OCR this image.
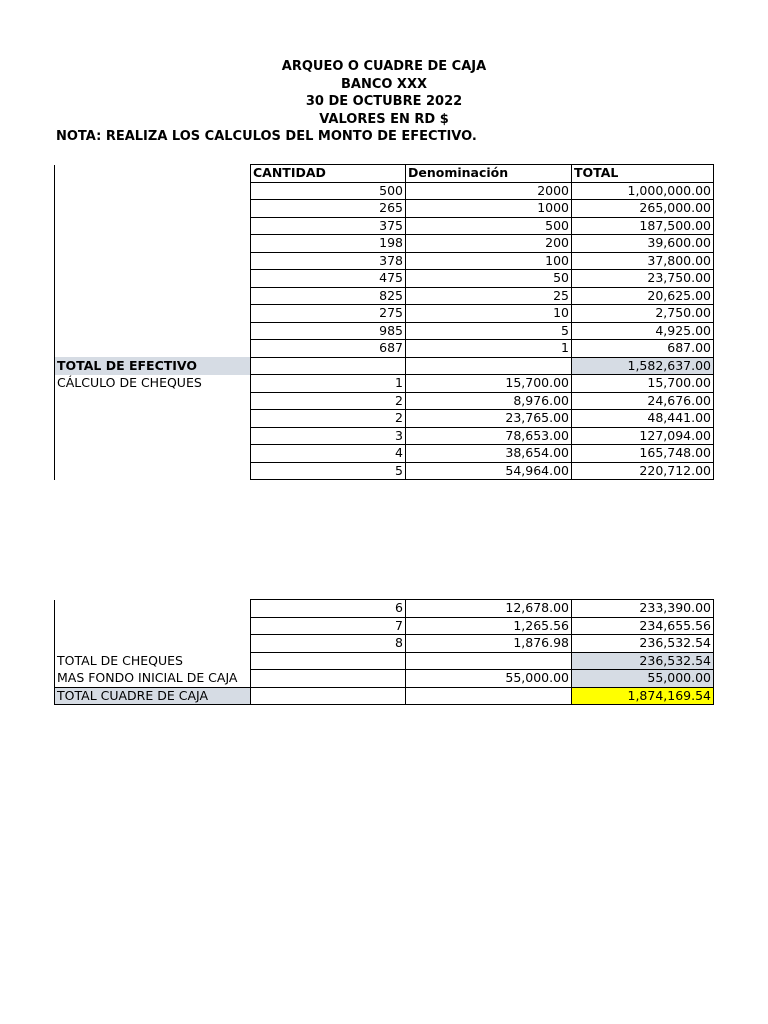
ARQUEO O CUADRE DE CAJA
BANCO XXX
30 DE OCTUBRE 2022
VALORES EN RD $
NOTA: REALIZA LOS CALCULOS DEL MONTO DE EFECTIVO.
	CANTIDAD	Denominación	TOTAL
	500	2000	1,000,000.00
	265	1000	265,000.00
	375	500	187,500.00
	198	200	39,600.00
	378	100	37,800.00
	475	50	23,750.00
	825	25	20,625.00
	275	10	2,750.00
	985	5	4,925.00
	687	1	687.00
TOTAL DE EFECTIVO			1,582,637.00
CÁLCULO DE CHEQUES	1	15,700.00	15,700.00
	2	8,976.00	24,676.00
	2	23,765.00	48,441.00
	3	78,653.00	127,094.00
	4	38,654.00	165,748.00
	5	54,964.00	220,712.00
	6	12,678.00	233,390.00
	7	1,265.56	234,655.56
	8	1,876.98	236,532.54
TOTAL DE CHEQUES			236,532.54
MAS FONDO INICIAL DE CAJA		55,000.00	55,000.00
TOTAL CUADRE DE CAJA			1,874,169.54
